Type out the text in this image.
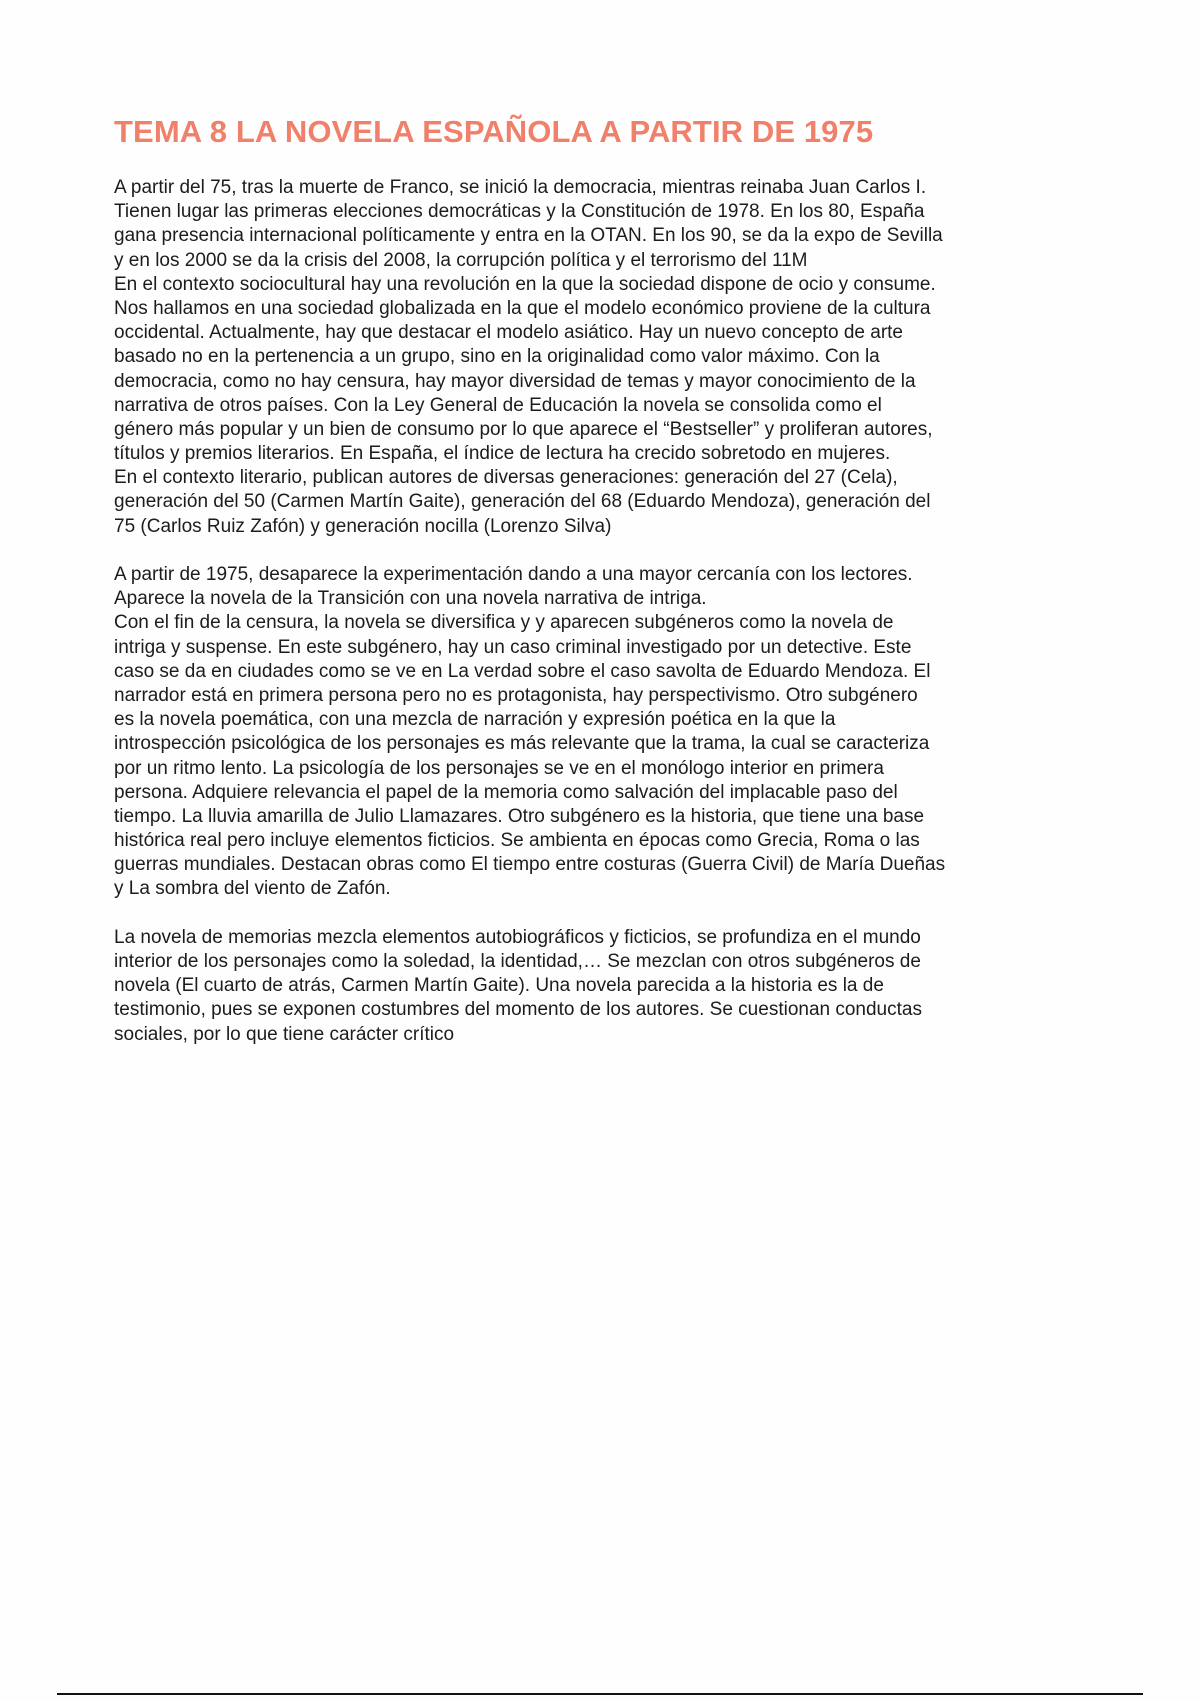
TEMA 8 LA NOVELA ESPAÑOLA A PARTIR DE 1975
A partir del 75, tras la muerte de Franco, se inició la democracia, mientras reinaba Juan Carlos I.
Tienen lugar las primeras elecciones democráticas y la Constitución de 1978. En los 80, España
gana presencia internacional políticamente y entra en la OTAN. En los 90, se da la expo de Sevilla
y en los 2000 se da la crisis del 2008, la corrupción política y el terrorismo del 11M
En el contexto sociocultural hay una revolución en la que la sociedad dispone de ocio y consume.
Nos hallamos en una sociedad globalizada en la que el modelo económico proviene de la cultura
occidental. Actualmente, hay que destacar el modelo asiático. Hay un nuevo concepto de arte
basado no en la pertenencia a un grupo, sino en la originalidad como valor máximo. Con la
democracia, como no hay censura, hay mayor diversidad de temas y mayor conocimiento de la
narrativa de otros países. Con la Ley General de Educación la novela se consolida como el
género más popular y un bien de consumo por lo que aparece el “Bestseller” y proliferan autores,
títulos y premios literarios. En España, el índice de lectura ha crecido sobretodo en mujeres.
En el contexto literario, publican autores de diversas generaciones: generación del 27 (Cela),
generación del 50 (Carmen Martín Gaite), generación del 68 (Eduardo Mendoza), generación del
75 (Carlos Ruiz Zafón) y generación nocilla (Lorenzo Silva)
A partir de 1975, desaparece la experimentación dando a una mayor cercanía con los lectores.
Aparece la novela de la Transición con una novela narrativa de intriga.
Con el fin de la censura, la novela se diversifica y y aparecen subgéneros como la novela de
intriga y suspense. En este subgénero, hay un caso criminal investigado por un detective. Este
caso se da en ciudades como se ve en La verdad sobre el caso savolta de Eduardo Mendoza. El
narrador está en primera persona pero no es protagonista, hay perspectivismo. Otro subgénero
es la novela poemática, con una mezcla de narración y expresión poética en la que la
introspección psicológica de los personajes es más relevante que la trama, la cual se caracteriza
por un ritmo lento. La psicología de los personajes se ve en el monólogo interior en primera
persona. Adquiere relevancia el papel de la memoria como salvación del implacable paso del
tiempo. La lluvia amarilla de Julio Llamazares. Otro subgénero es la historia, que tiene una base
histórica real pero incluye elementos ficticios. Se ambienta en épocas como Grecia, Roma o las
guerras mundiales. Destacan obras como El tiempo entre costuras (Guerra Civil) de María Dueñas
y La sombra del viento de Zafón.
La novela de memorias mezcla elementos autobiográficos y ficticios, se profundiza en el mundo
interior de los personajes como la soledad, la identidad,… Se mezclan con otros subgéneros de
novela (El cuarto de atrás, Carmen Martín Gaite). Una novela parecida a la historia es la de
testimonio, pues se exponen costumbres del momento de los autores. Se cuestionan conductas
sociales, por lo que tiene carácter crítico
